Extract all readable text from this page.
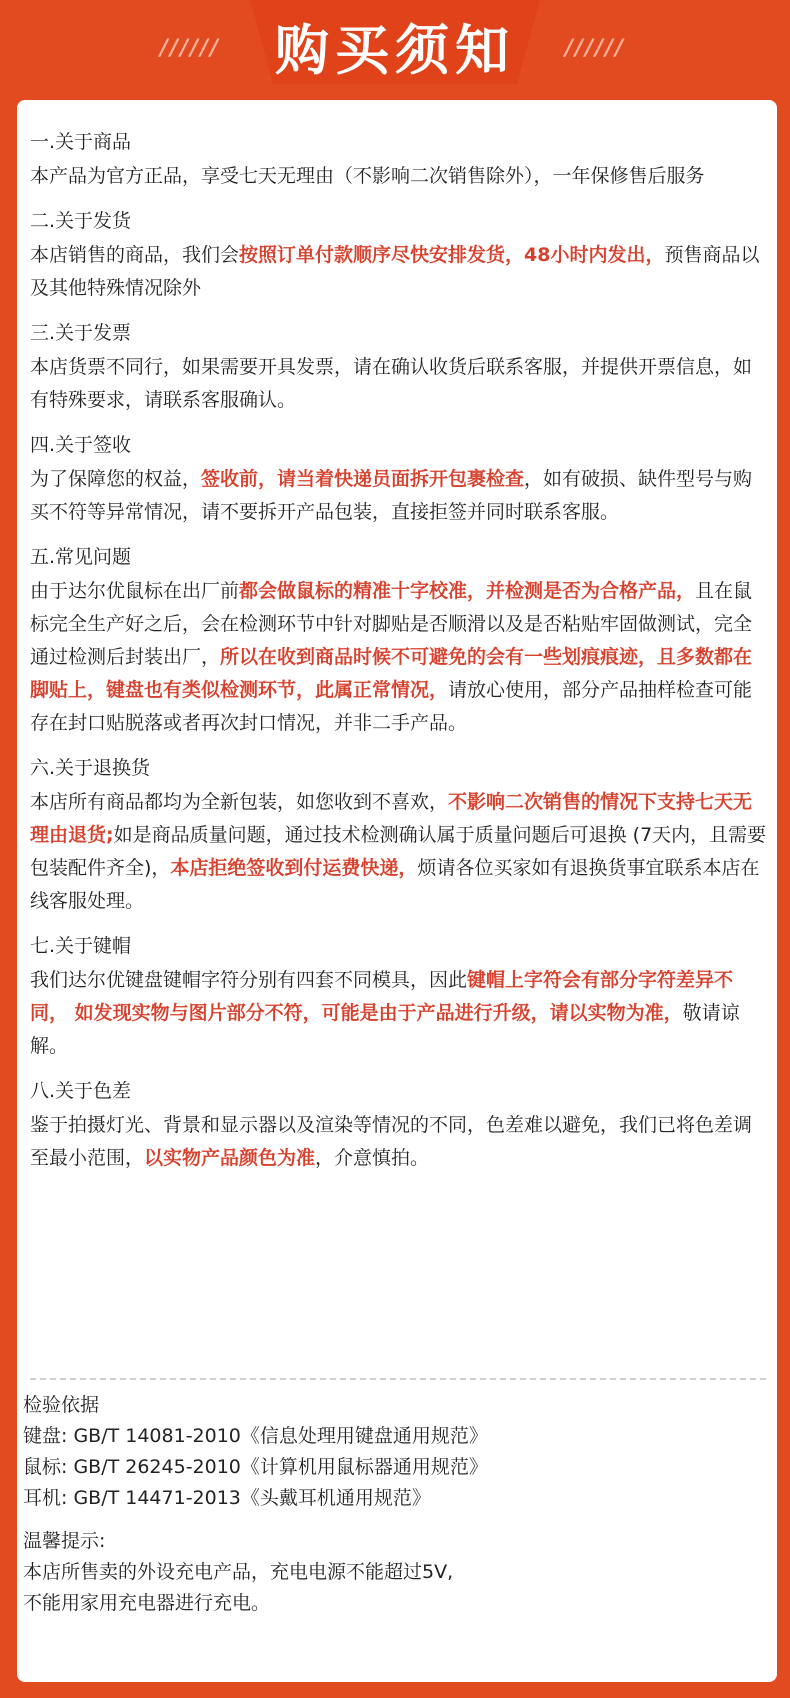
//////	购买须知	//////
一.关于商品
本产品为官方正品，享受七天无理由（不影响二次销售除外），一年保修售后服务
二.关于发货
本店销售的商品，我们会按照订单付款顺序尽快安排发货，48小时内发出，预售商品以及其他特殊情况除外
三.关于发票
本店货票不同行，如果需要开具发票，请在确认收货后联系客服，并提供开票信息，如有特殊要求，请联系客服确认。
四.关于签收
为了保障您的权益，签收前，请当着快递员面拆开包裹检查，如有破损、缺件型号与购买不符等异常情况，请不要拆开产品包装，直接拒签并同时联系客服。
五.常见问题
由于达尔优鼠标在出厂前都会做鼠标的精准十字校准，并检测是否为合格产品，且在鼠标完全生产好之后，会在检测环节中针对脚贴是否顺滑以及是否粘贴牢固做测试，完全通过检测后封装出厂，所以在收到商品时候不可避免的会有一些划痕痕迹，且多数都在脚贴上，键盘也有类似检测环节，此属正常情况，请放心使用，部分产品抽样检查可能存在封口贴脱落或者再次封口情况，并非二手产品。
六.关于退换货
本店所有商品都均为全新包装，如您收到不喜欢，不影响二次销售的情况下支持七天无理由退货;如是商品质量问题，通过技术检测确认属于质量问题后可退换 (7天内，且需要包装配件齐全)，本店拒绝签收到付运费快递，烦请各位买家如有退换货事宜联系本店在线客服处理。
七.关于键帽
我们达尔优键盘键帽字符分别有四套不同模具，因此键帽上字符会有部分字符差异不同， 如发现实物与图片部分不符，可能是由于产品进行升级，请以实物为准，敬请谅解。
八.关于色差
鉴于拍摄灯光、背景和显示器以及渲染等情况的不同，色差难以避免，我们已将色差调至最小范围，以实物产品颜色为准，介意慎拍。
检验依据
键盘: GB/T 14081-2010《信息处理用键盘通用规范》
鼠标: GB/T 26245-2010《计算机用鼠标器通用规范》
耳机: GB/T 14471-2013《头戴耳机通用规范》
温馨提示:
本店所售卖的外设充电产品，充电电源不能超过5V,
不能用家用充电器进行充电。
